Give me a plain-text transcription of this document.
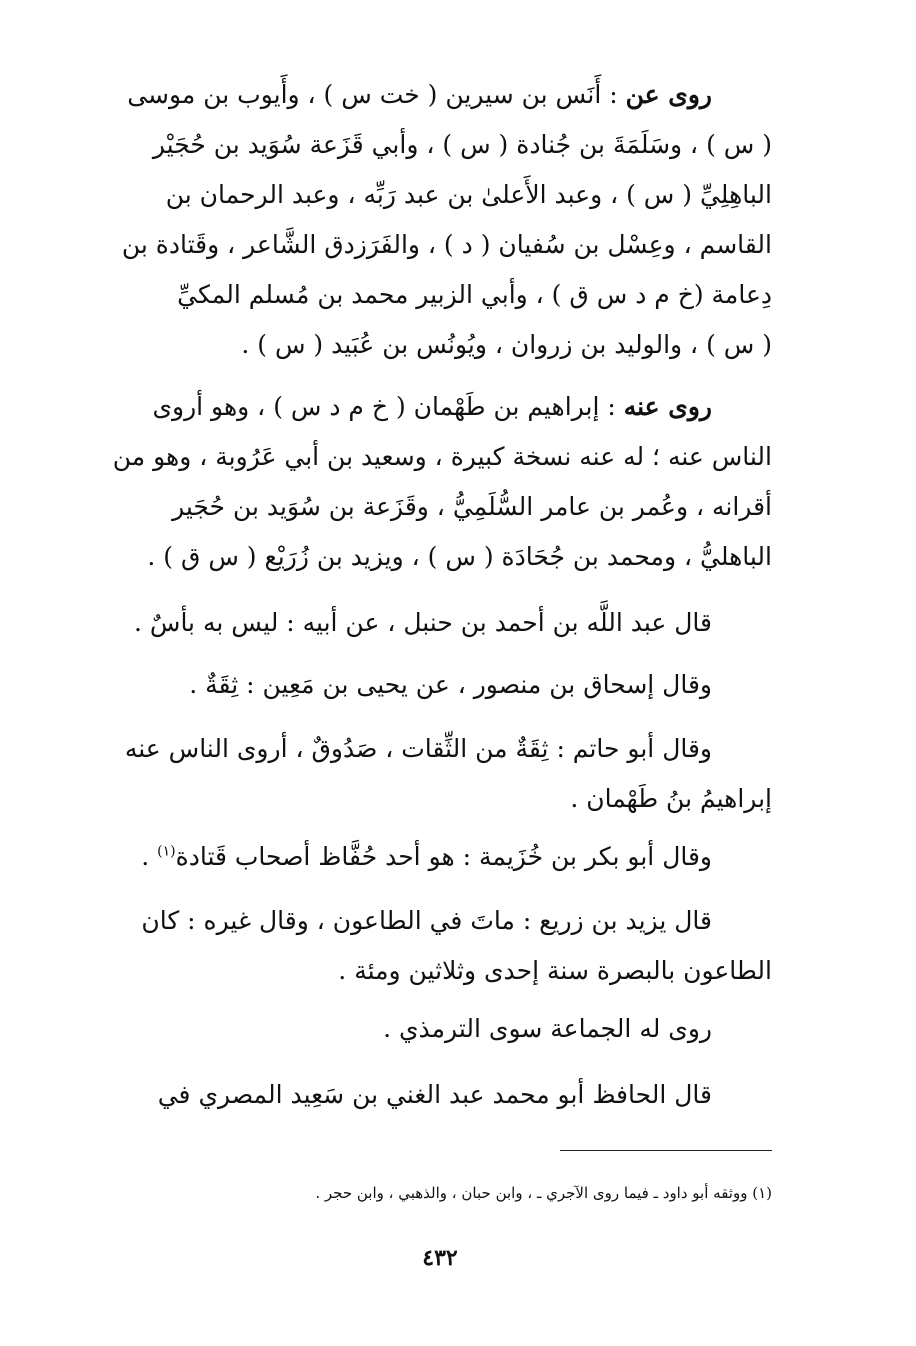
روى عن : أَنَس بن سيرين ( خت س ) ، وأَيوب بن موسى
( س ) ، وسَلَمَةَ بن جُنادة ( س ) ، وأبي قَزَعة سُوَيد بن حُجَيْر
الباهِلِيِّ ( س ) ، وعبد الأَعلىٰ بن عبد رَبِّه ، وعبد الرحمان بن
القاسم ، وعِسْل بن سُفيان ( د ) ، والفَرَزدق الشَّاعر ، وقَتادة بن
دِعامة (خ م د س ق ) ، وأبي الزبير محمد بن مُسلم المكيِّ
( س ) ، والوليد بن زروان ، ويُونُس بن عُبَيد ( س ) .
روى عنه : إبراهيم بن طَهْمان ( خ م د س ) ، وهو أروى
الناس عنه ؛ له عنه نسخة كبيرة ، وسعيد بن أبي عَرُوبة ، وهو من
أقرانه ، وعُمر بن عامر السُّلَمِيُّ ، وقَزَعة بن سُوَيد بن حُجَير
الباهليُّ ، ومحمد بن جُحَادَة ( س ) ، ويزيد بن زُرَيْع ( س ق ) .
قال عبد اللَّه بن أحمد بن حنبل ، عن أبيه : ليس به بأسٌ .
وقال إسحاق بن منصور ، عن يحيى بن مَعِين : ثِقَةٌ .
وقال أبو حاتم : ثِقَةٌ من الثِّقات ، صَدُوقٌ ، أروى الناس عنه
إبراهيمُ بنُ طَهْمان .
وقال أبو بكر بن خُزَيمة : هو أحد حُفَّاظ أصحاب قَتادة$^{(١)}$ .
قال يزيد بن زريع : ماتَ في الطاعون ، وقال غيره : كان
الطاعون بالبصرة سنة إحدى وثلاثين ومئة .
روى له الجماعة سوى الترمذي .
قال الحافظ أبو محمد عبد الغني بن سَعِيد المصري في
(١) ووثقه أبو داود ـ فيما روى الآجري ـ ، وابن حبان ، والذهبي ، وابن حجر .
٤٣٢
